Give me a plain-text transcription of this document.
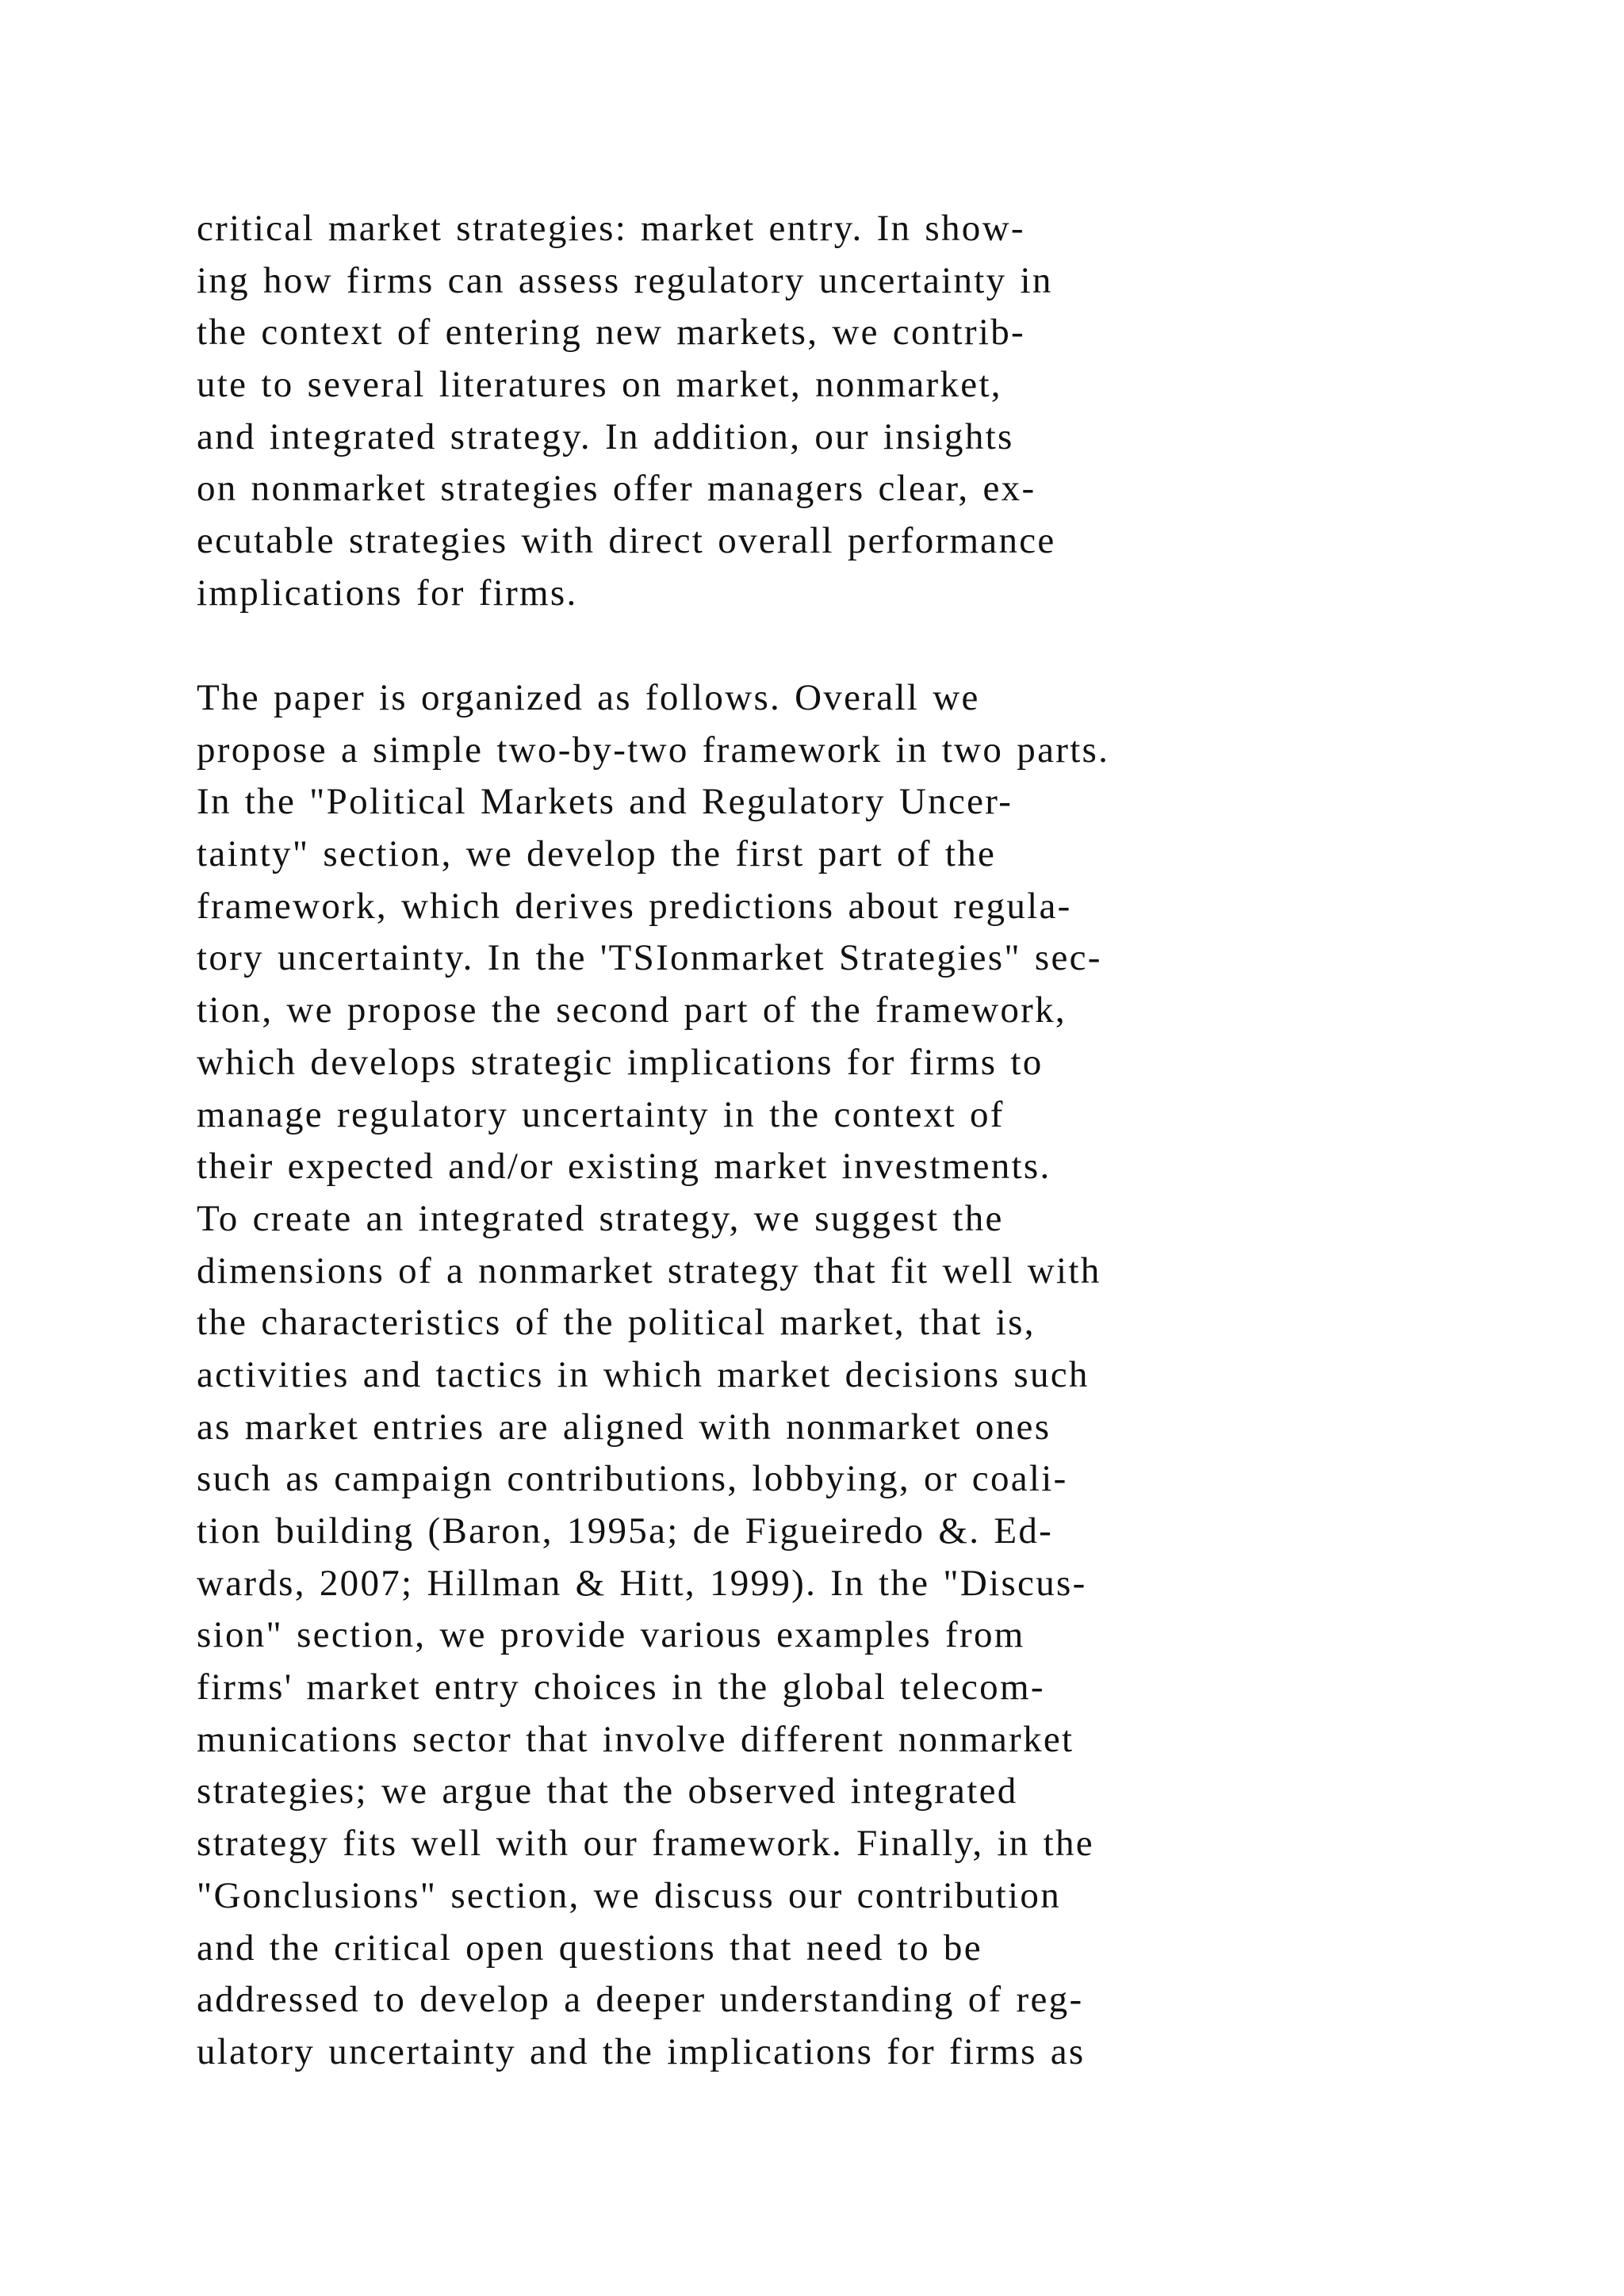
critical market strategies: market entry. In show-
ing how firms can assess regulatory uncertainty in
the context of entering new markets, we contrib-
ute to several literatures on market, nonmarket,
and integrated strategy. In addition, our insights
on nonmarket strategies offer managers clear, ex-
ecutable strategies with direct overall performance
implications for firms.
The paper is organized as follows. Overall we
propose a simple two-by-two framework in two parts.
In the "Political Markets and Regulatory Uncer-
tainty" section, we develop the first part of the
framework, which derives predictions about regula-
tory uncertainty. In the 'TSIonmarket Strategies" sec-
tion, we propose the second part of the framework,
which develops strategic implications for firms to
manage regulatory uncertainty in the context of
their expected and/or existing market investments.
To create an integrated strategy, we suggest the
dimensions of a nonmarket strategy that fit well with
the characteristics of the political market, that is,
activities and tactics in which market decisions such
as market entries are aligned with nonmarket ones
such as campaign contributions, lobbying, or coali-
tion building (Baron, 1995a; de Figueiredo &. Ed-
wards, 2007; Hillman & Hitt, 1999). In the "Discus-
sion" section, we provide various examples from
firms' market entry choices in the global telecom-
munications sector that involve different nonmarket
strategies; we argue that the observed integrated
strategy fits well with our framework. Finally, in the
"Gonclusions" section, we discuss our contribution
and the critical open questions that need to be
addressed to develop a deeper understanding of reg-
ulatory uncertainty and the implications for firms as
